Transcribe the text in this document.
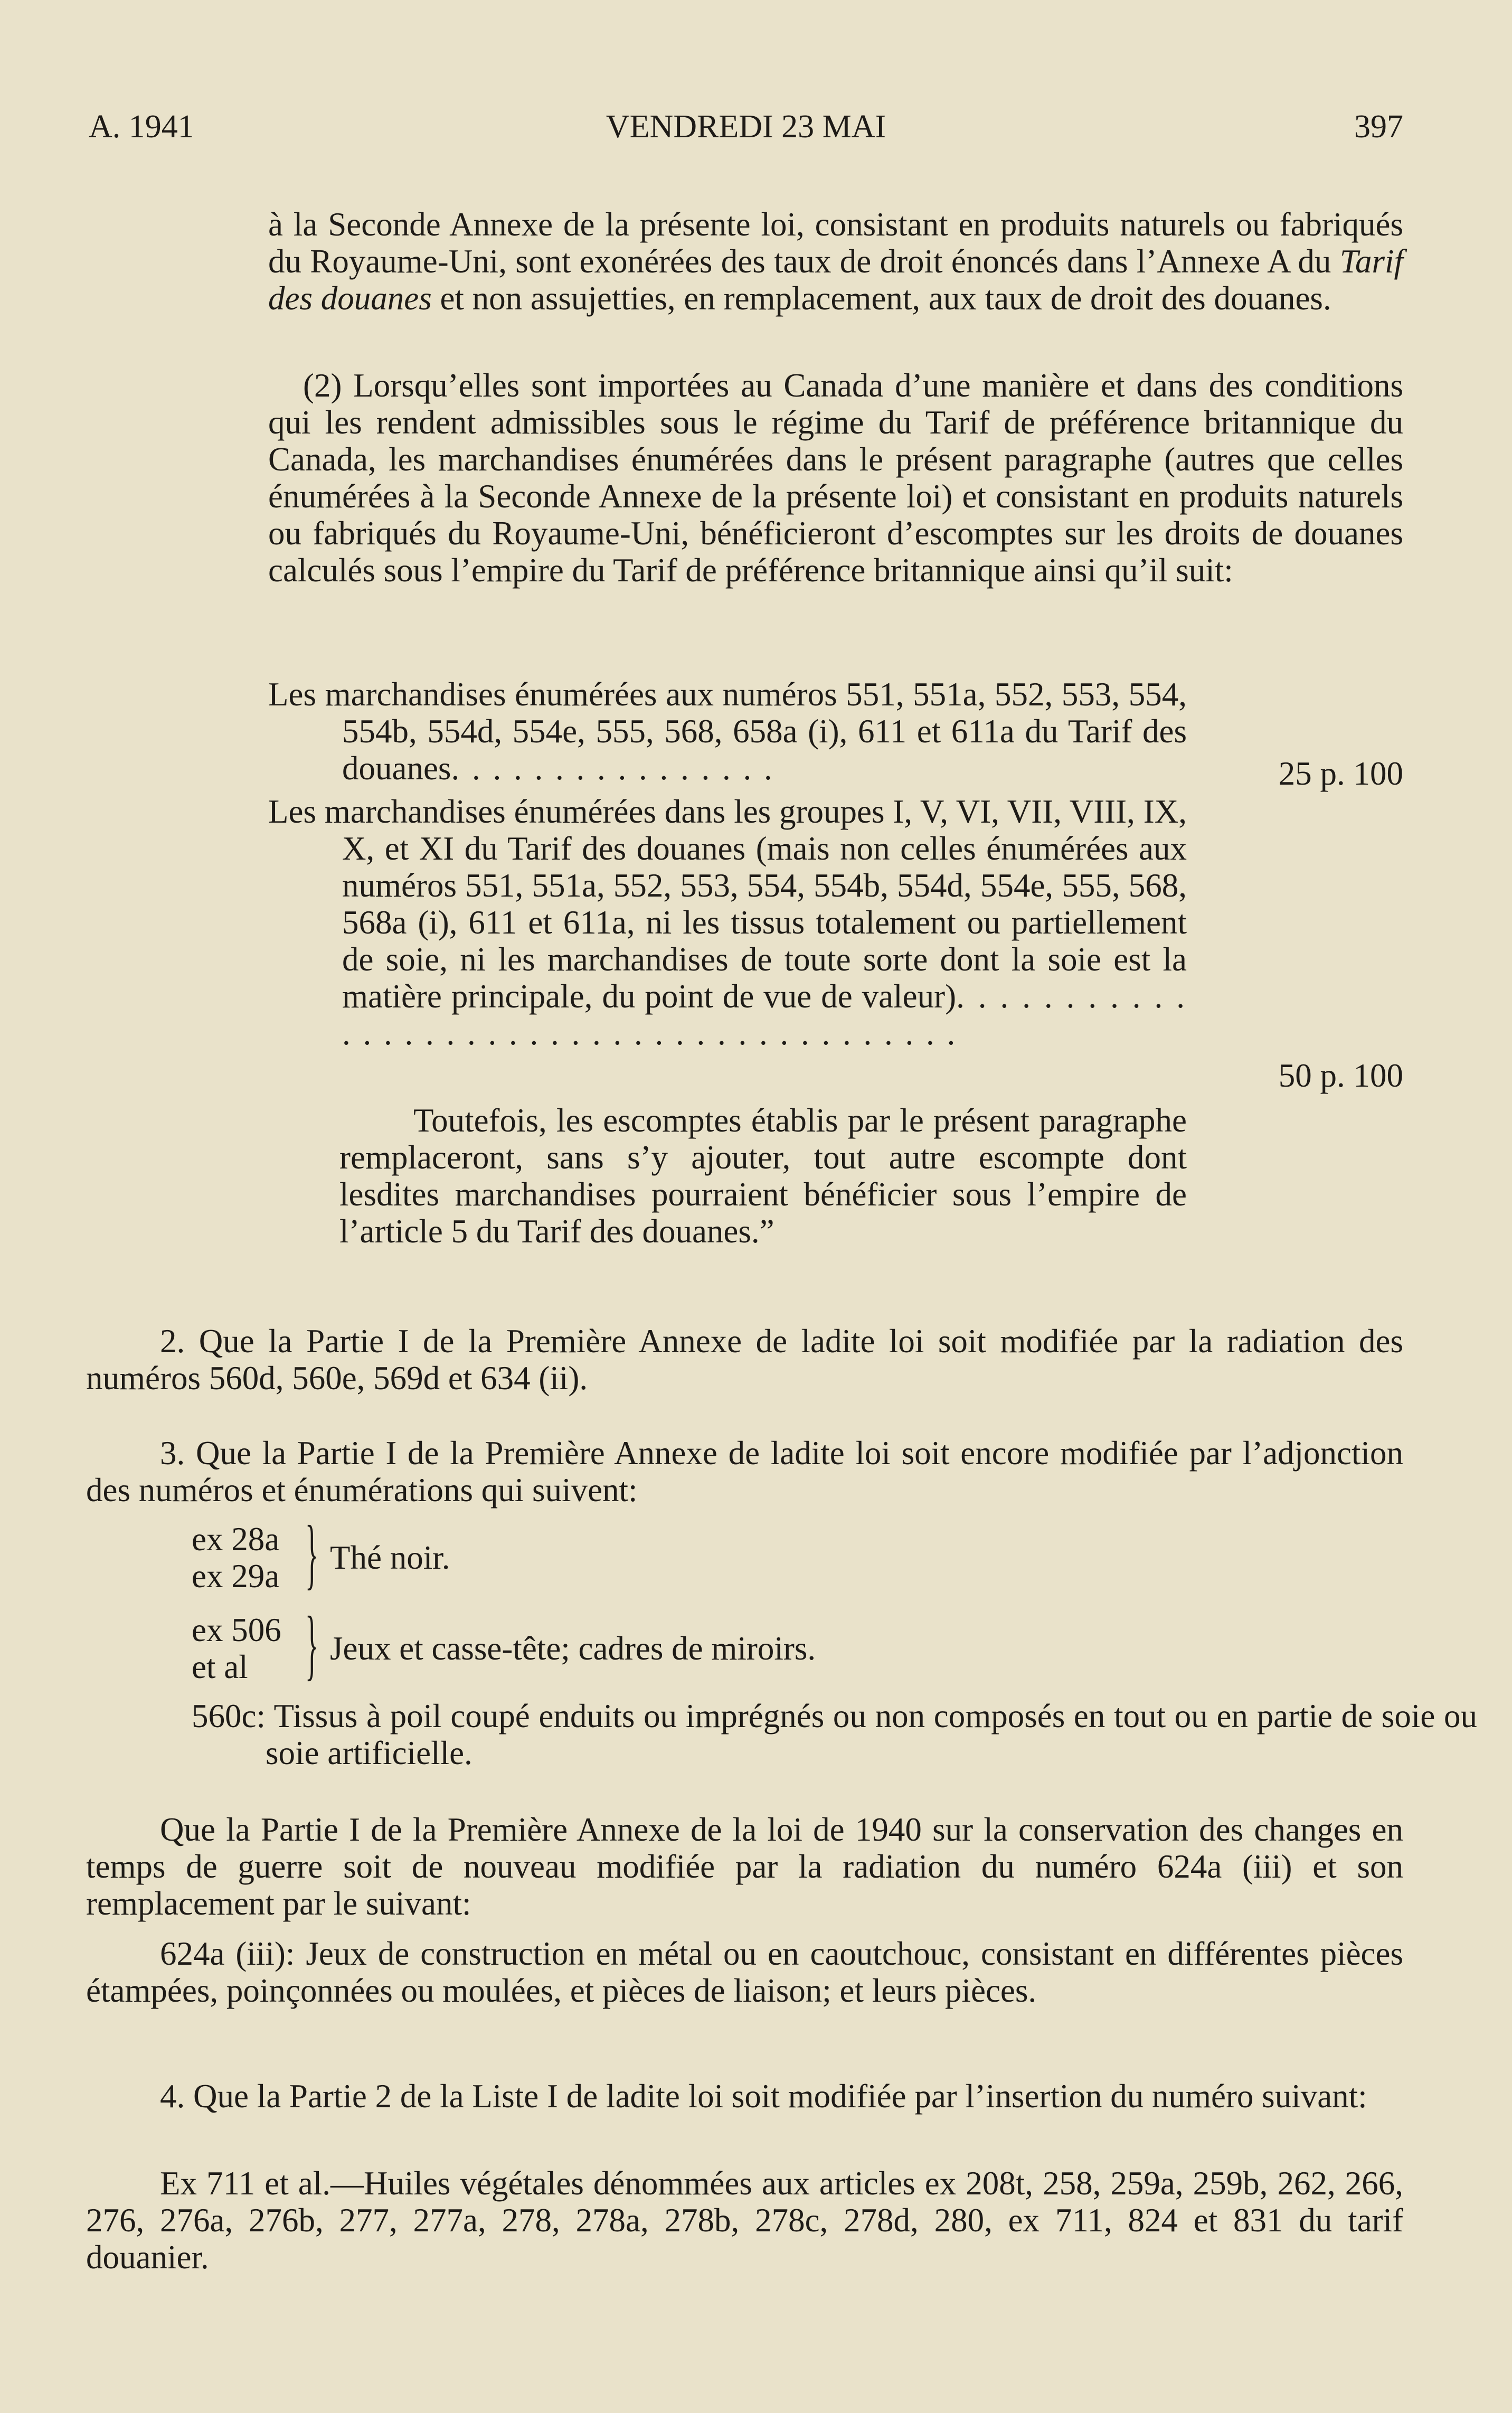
A. 1941	VENDREDI 23 MAI	397

à la Seconde Annexe de la présente loi, consistant en produits naturels ou fabriqués du Royaume-Uni, sont exonérées des taux de droit énoncés dans l’Annexe A du Tarif des douanes et non assujetties, en remplacement, aux taux de droit des douanes.

(2) Lorsqu’elles sont importées au Canada d’une manière et dans des conditions qui les rendent admissibles sous le régime du Tarif de préférence britannique du Canada, les marchandises énumérées dans le présent paragraphe (autres que celles énumérées à la Seconde Annexe de la présente loi) et consistant en produits naturels ou fabriqués du Royaume-Uni, bénéficieront d’escomptes sur les droits de douanes calculés sous l’empire du Tarif de préférence britannique ainsi qu’il suit:

Les marchandises énumérées aux numéros 551, 551a, 552, 553, 554, 554b, 554d, 554e, 555, 568, 658a (i), 611 et 611a du Tarif des douanes. . . . . . . . . . . . . . . .	25 p. 100
Les marchandises énumérées dans les groupes I, V, VI, VII, VIII, IX, X, et XI du Tarif des douanes (mais non celles énumérées aux numéros 551, 551a, 552, 553, 554, 554b, 554d, 554e, 555, 568, 568a (i), 611 et 611a, ni les tissus totalement ou partiellement de soie, ni les marchandises de toute sorte dont la soie est la matière principale, du point de vue de valeur). . . . . . . . . . . . . . . . . . . . . . . . . . . . . . . . . . . . . . . . .
50 p. 100

Toutefois, les escomptes établis par le présent paragraphe remplaceront, sans s’y ajouter, tout autre escompte dont lesdites marchandises pourraient bénéficier sous l’empire de l’article 5 du Tarif des douanes.”

2. Que la Partie I de la Première Annexe de ladite loi soit modifiée par la radiation des numéros 560d, 560e, 569d et 634 (ii).

3. Que la Partie I de la Première Annexe de ladite loi soit encore modifiée par l’adjonction des numéros et énumérations qui suivent:

ex 28a
ex 29a } Thé noir.
ex 506
et al } Jeux et casse-tête; cadres de miroirs.

560c: Tissus à poil coupé enduits ou imprégnés ou non composés en tout ou en partie de soie ou soie artificielle.

Que la Partie I de la Première Annexe de la loi de 1940 sur la conservation des changes en temps de guerre soit de nouveau modifiée par la radiation du numéro 624a (iii) et son remplacement par le suivant:

624a (iii): Jeux de construction en métal ou en caoutchouc, consistant en différentes pièces étampées, poinçonnées ou moulées, et pièces de liaison; et leurs pièces.

4. Que la Partie 2 de la Liste I de ladite loi soit modifiée par l’insertion du numéro suivant:

Ex 711 et al.—Huiles végétales dénommées aux articles ex 208t, 258, 259a, 259b, 262, 266, 276, 276a, 276b, 277, 277a, 278, 278a, 278b, 278c, 278d, 280, ex 711, 824 et 831 du tarif douanier.
